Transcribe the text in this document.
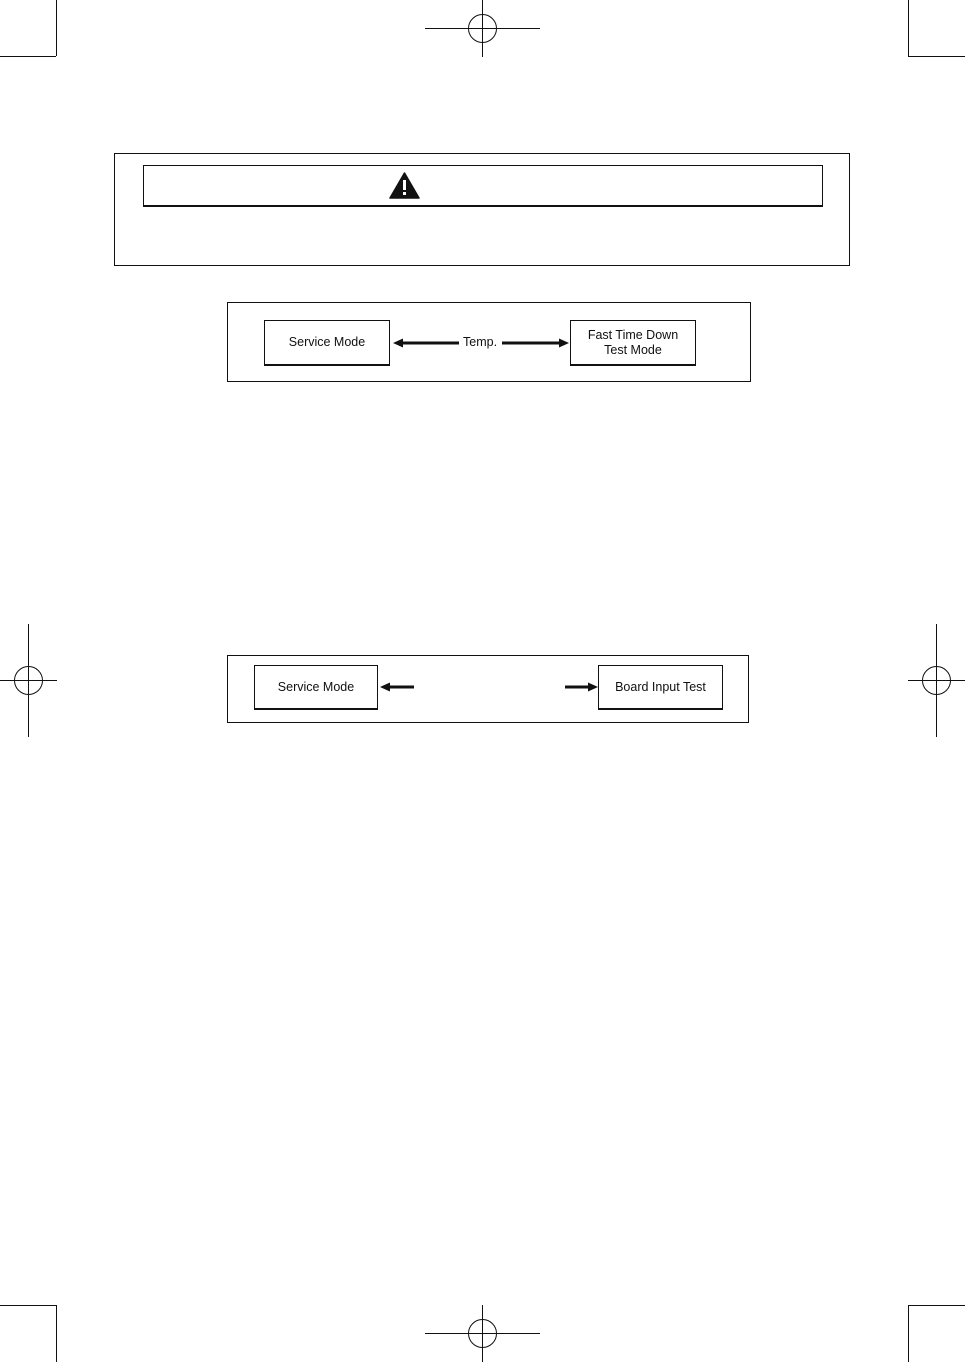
Service Mode	Temp.
Fast Time Down
Test Mode
Service Mode	Board Input Test
